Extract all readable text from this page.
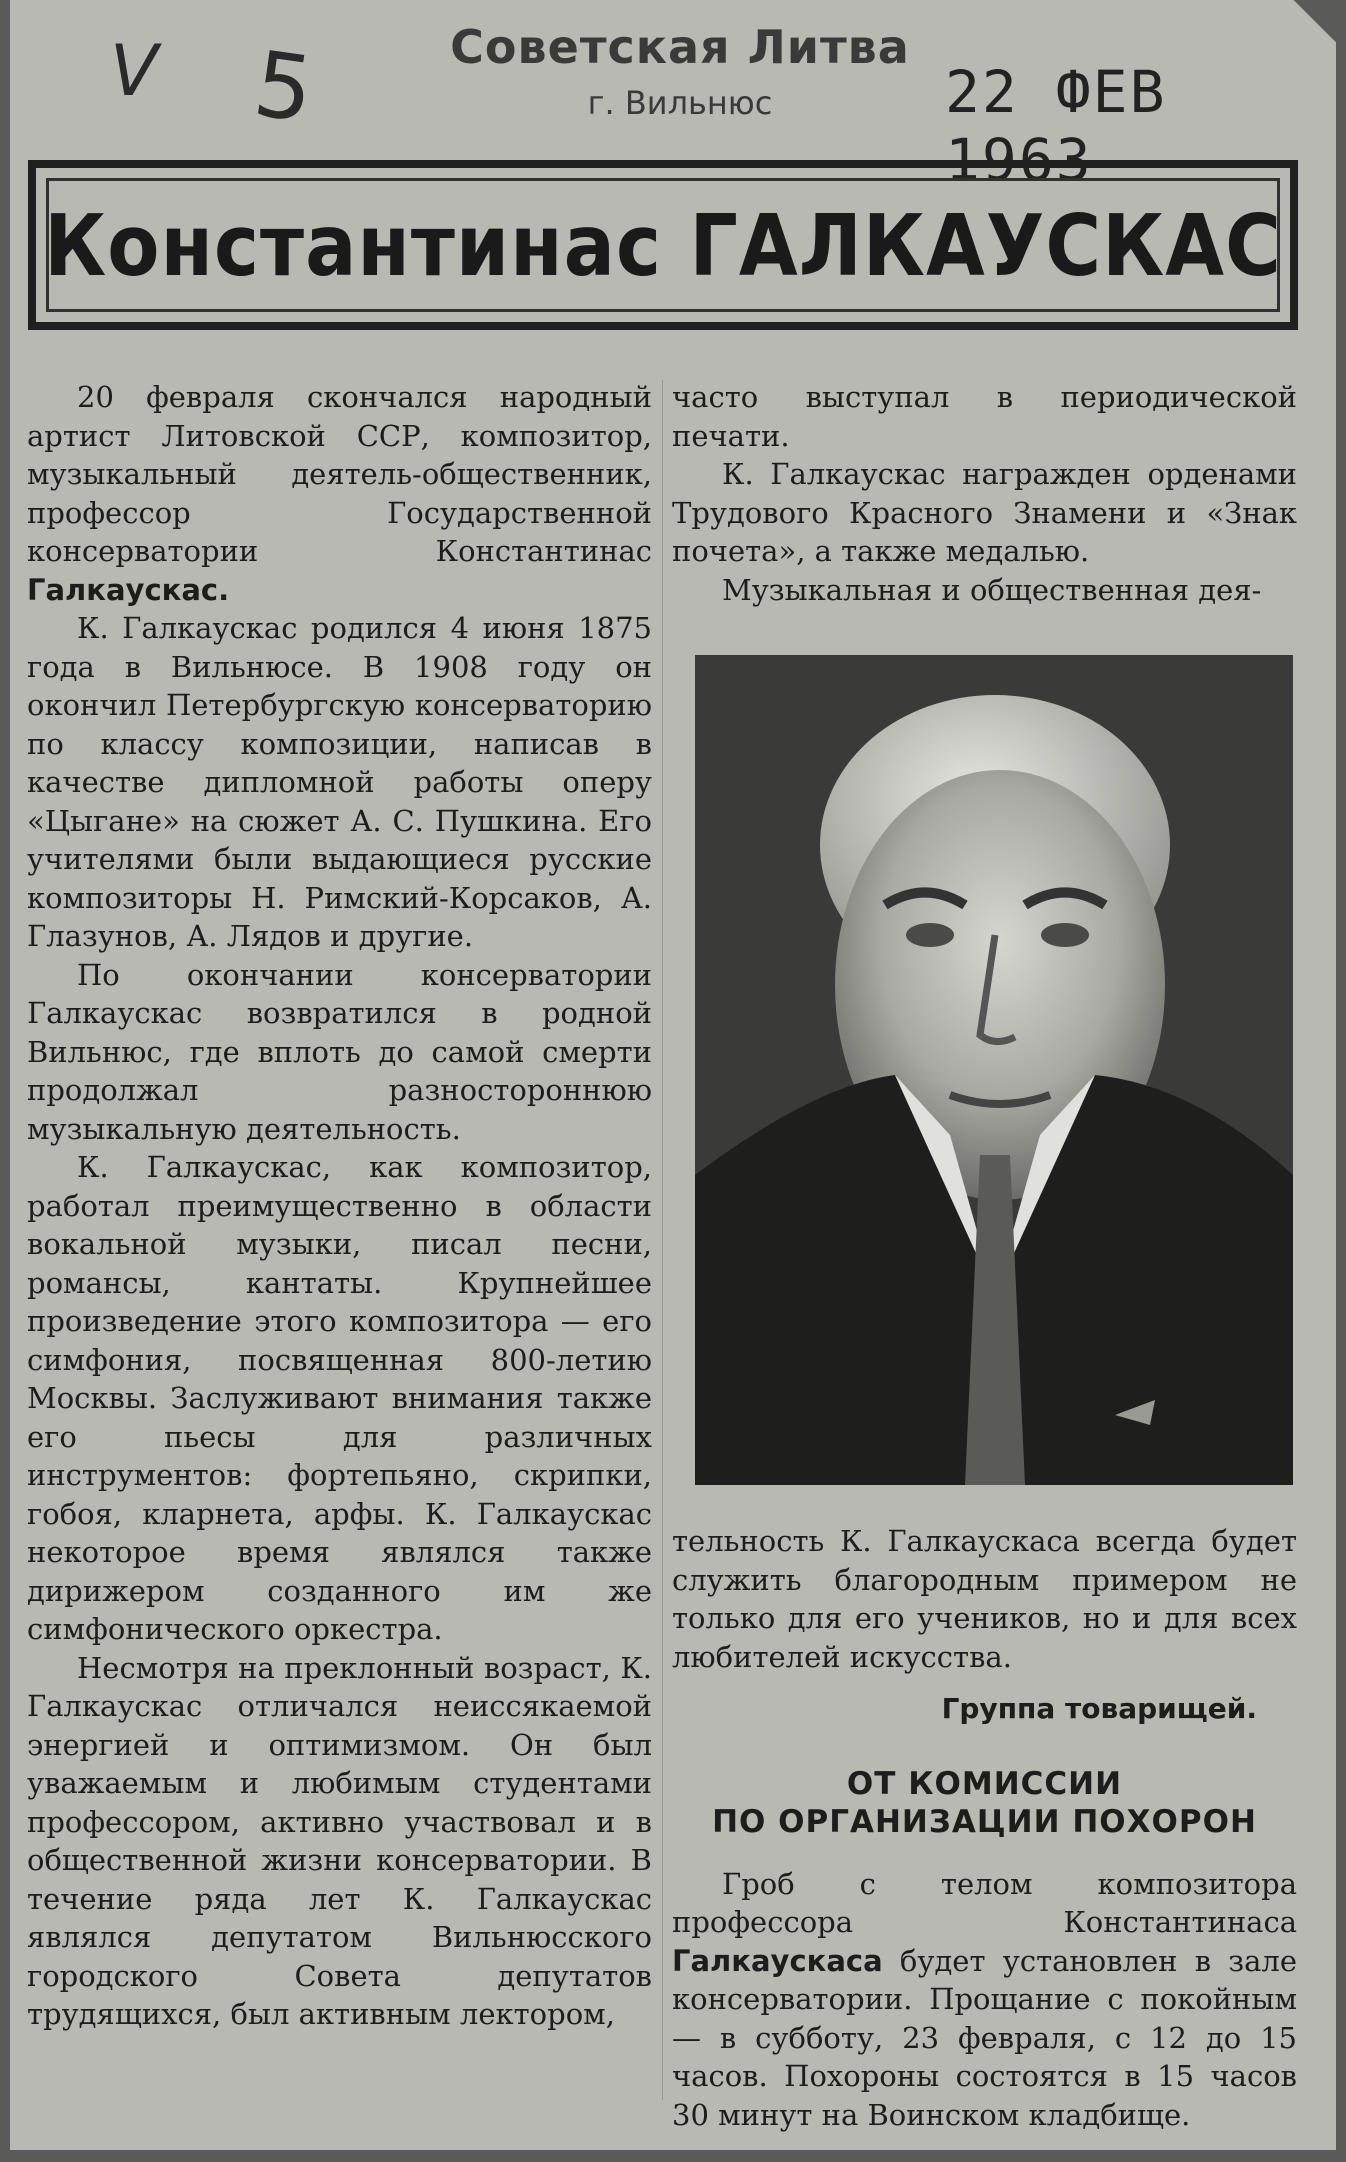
V 5	Советская Литва
г. Вильнюс	22 ФЕВ 1963
Константинас ГАЛКАУСКАС

20 февраля скончался народный артист Литовской ССР, композитор, музыкальный деятель-общественник, профессор Государственной консерватории Константинас Галкаускас.

К. Галкаускас родился 4 июня 1875 года в Вильнюсе. В 1908 году он окончил Петербургскую консерваторию по классу композиции, написав в качестве дипломной работы оперу «Цыгане» на сюжет А. С. Пушкина. Его учителями были выдающиеся русские композиторы Н. Римский-Корсаков, А. Глазунов, А. Лядов и другие.

По окончании консерватории Галкаускас возвратился в родной Вильнюс, где вплоть до самой смерти продолжал разностороннюю музыкальную деятельность.

К. Галкаускас, как композитор, работал преимущественно в области вокальной музыки, писал песни, романсы, кантаты. Крупнейшее произведение этого композитора — его симфония, посвященная 800-летию Москвы. Заслуживают внимания также его пьесы для различных инструментов: фортепьяно, скрипки, гобоя, кларнета, арфы. К. Галкаускас некоторое время являлся также дирижером созданного им же симфонического оркестра.

Несмотря на преклонный возраст, К. Галкаускас отличался неиссякаемой энергией и оптимизмом. Он был уважаемым и любимым студентами профессором, активно участвовал и в общественной жизни консерватории. В течение ряда лет К. Галкаускас являлся депутатом Вильнюсского городского Совета депутатов трудящихся, был активным лектором,

часто выступал в периодической печати.

К. Галкаускас награжден орденами Трудового Красного Знамени и «Знак почета», а также медалью.

Музыкальная и общественная дея-

тельность К. Галкаускаса всегда будет служить благородным примером не только для его учеников, но и для всех любителей искусства.

Группа товарищей.
ОТ КОМИССИИ
ПО ОРГАНИЗАЦИИ ПОХОРОН

Гроб с телом композитора профессора Константинаса Галкаускаса будет установлен в зале консерватории. Прощание с покойным — в субботу, 23 февраля, с 12 до 15 часов. Похороны состоятся в 15 часов 30 минут на Воинском кладбище.
